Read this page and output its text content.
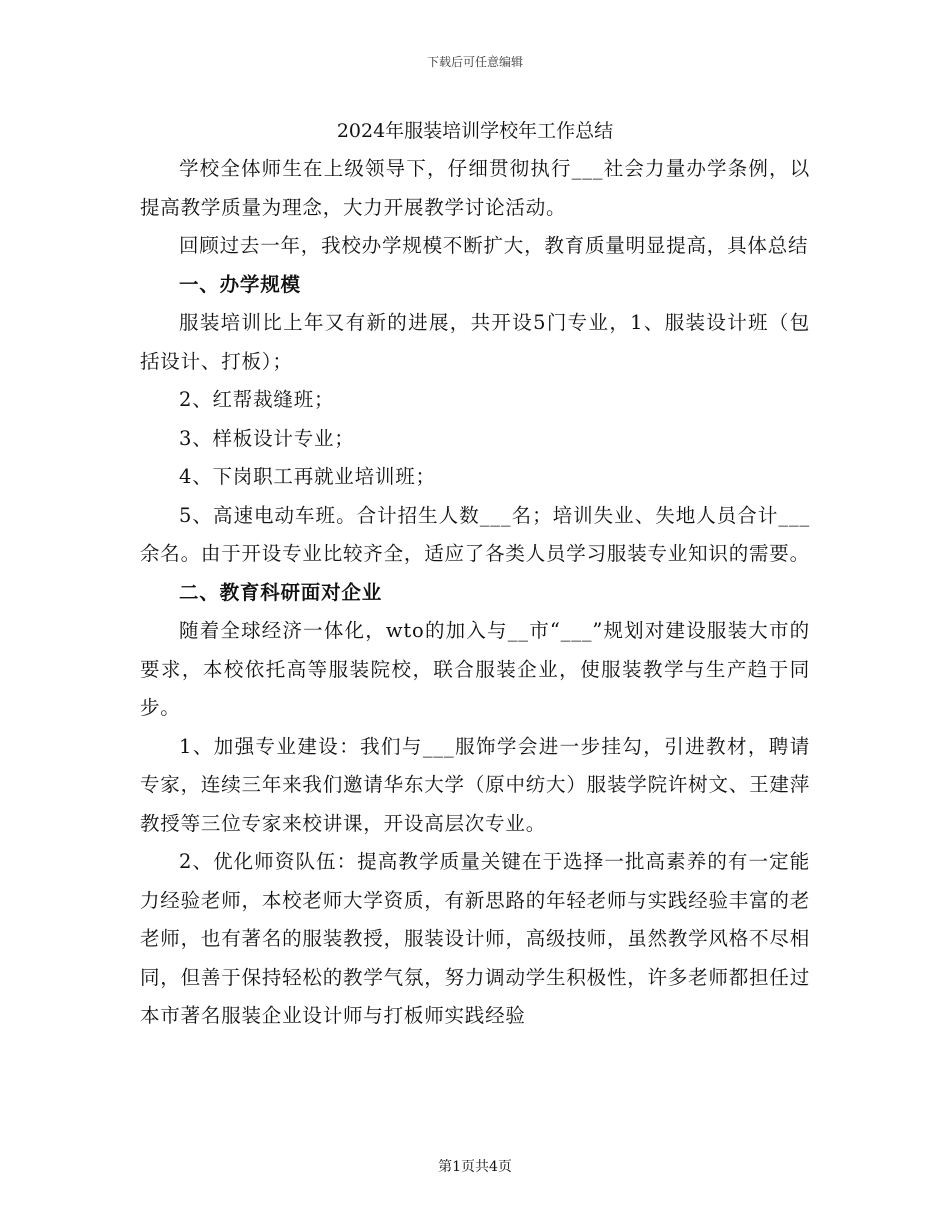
下载后可任意编辑
2024年服装培训学校年工作总结

学校全体师生在上级领导下，仔细贯彻执行___社会力量办学条例，以提高教学质量为理念，大力开展教学讨论活动。

回顾过去一年，我校办学规模不断扩大，教育质量明显提高，具体总结

一、办学规模

服装培训比上年又有新的进展，共开设5门专业，1、服装设计班（包括设计、打板）；

2、红帮裁缝班；

3、样板设计专业；

4、下岗职工再就业培训班；

5、高速电动车班。合计招生人数___名；培训失业、失地人员合计___余名。由于开设专业比较齐全，适应了各类人员学习服装专业知识的需要。

二、教育科研面对企业

随着全球经济一体化，wto的加入与__市“___”规划对建设服装大市的要求，本校依托高等服装院校，联合服装企业，使服装教学与生产趋于同步。

1、加强专业建设：我们与___服饰学会进一步挂勾，引进教材，聘请专家，连续三年来我们邀请华东大学（原中纺大）服装学院许树文、王建萍教授等三位专家来校讲课，开设高层次专业。

2、优化师资队伍：提高教学质量关键在于选择一批高素养的有一定能力经验老师，本校老师大学资质，有新思路的年轻老师与实践经验丰富的老老师，也有著名的服装教授，服装设计师，高级技师，虽然教学风格不尽相同，但善于保持轻松的教学气氛，努力调动学生积极性，许多老师都担任过本市著名服装企业设计师与打板师实践经验

第1页共4页
